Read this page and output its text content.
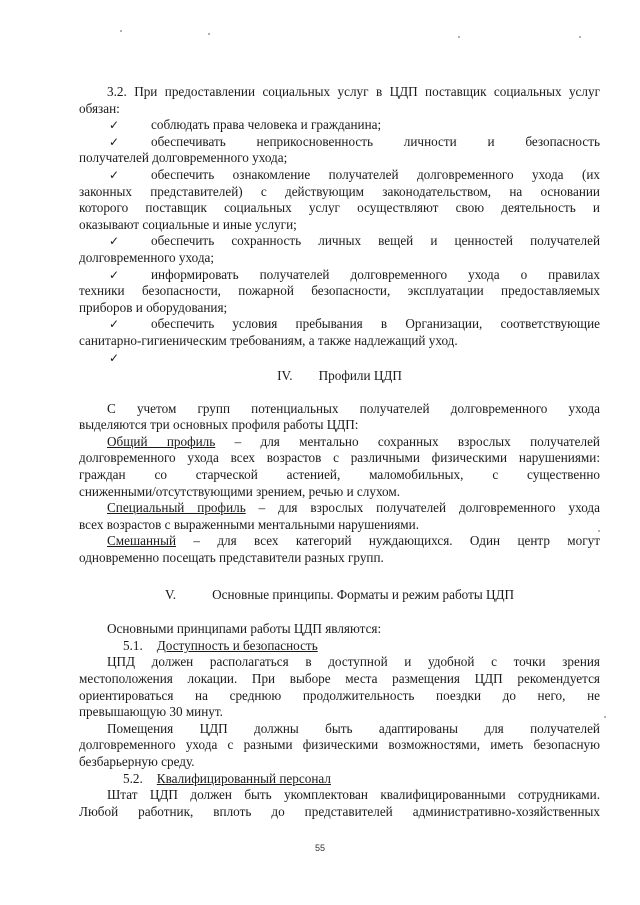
3.2. При предоставлении социальных услуг в ЦДП поставщик социальных услуг обязан:

✓	соблюдать права человека и гражданина;
✓	обеспечивать неприкосновенность личности и безопасность

получателей долговременного ухода;

✓	обеспечить ознакомление получателей долговременного ухода (их

законных представителей) с действующим законодательством, на основании

которого поставщик социальных услуг осуществляют свою деятельность и

оказывают социальные и иные услуги;

✓	обеспечить сохранность личных вещей и ценностей получателей

долговременного ухода;

✓	информировать получателей долговременного ухода о правилах

техники безопасности, пожарной безопасности, эксплуатации предоставляемых

приборов и оборудования;

✓	обеспечить условия пребывания в Организации, соответствующие

санитарно-гигиеническим требованиям, а также надлежащий уход.

✓

IV. Профили ЦДП

С учетом групп потенциальных получателей долговременного ухода

выделяются три основных профиля работы ЦДП:

Общий профиль – для ментально сохранных взрослых получателей

долговременного ухода всех возрастов с различными физическими нарушениями:

граждан со старческой астенией, маломобильных, с существенно

сниженными/отсутствующими зрением, речью и слухом.

Специальный профиль – для взрослых получателей долговременного ухода

всех возрастов с выраженными ментальными нарушениями.

Смешанный – для всех категорий нуждающихся. Один центр могут

одновременно посещать представители разных групп.

V.	Основные принципы. Форматы и режим работы ЦДП

Основными принципами работы ЦДП являются:

5.1. Доступность и безопасность

ЦПД должен располагаться в доступной и удобной с точки зрения

местоположения локации. При выборе места размещения ЦДП рекомендуется

ориентироваться на среднюю продолжительность поездки до него, не

превышающую 30 минут.

Помещения ЦДП должны быть адаптированы для получателей

долговременного ухода с разными физическими возможностями, иметь безопасную

безбарьерную среду.

5.2. Квалифицированный персонал

Штат ЦДП должен быть укомплектован квалифицированными сотрудниками.

Любой работник, вплоть до представителей административно-хозяйственных

55
